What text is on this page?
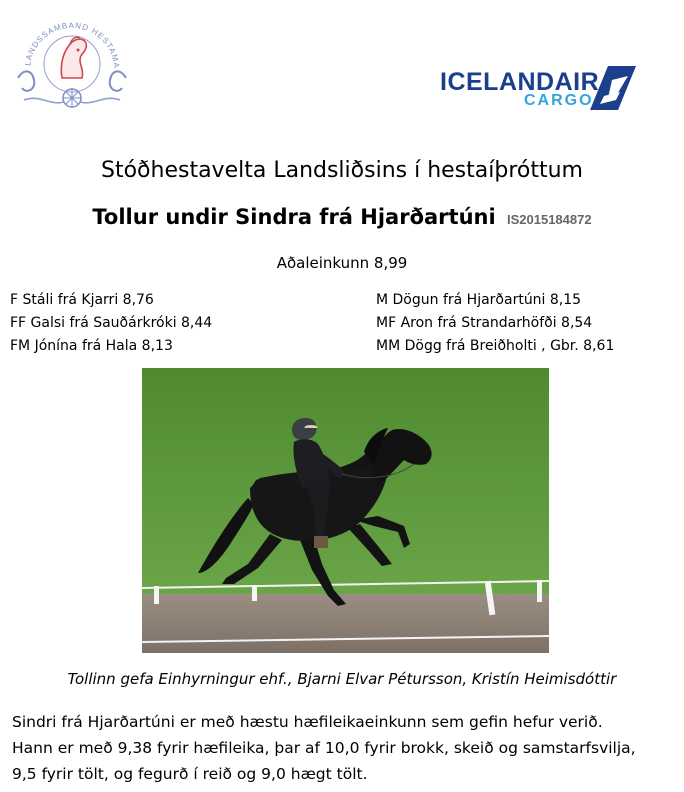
LANDSSAMBAND HESTAMA
ICELANDAIR
CARGO
Stóðhestavelta Landsliðsins í hestaíþróttum
Tollur undir Sindra frá Hjarðartúni IS2015184872
Aðaleinkunn 8,99
F Stáli frá Kjarri 8,76
FF Galsi frá Sauðárkróki 8,44
FM Jónína frá Hala 8,13
M Dögun frá Hjarðartúni 8,15
MF Aron frá Strandarhöfði 8,54
MM Dögg frá Breiðholti , Gbr. 8,61
Tollinn gefa Einhyrningur ehf., Bjarni Elvar Pétursson, Kristín Heimisdóttir
Sindri frá Hjarðartúni er með hæstu hæfileikaeinkunn sem gefin hefur verið.
Hann er með 9,38 fyrir hæfileika, þar af 10,0 fyrir brokk, skeið og samstarfsvilja,
9,5 fyrir tölt, og fegurð í reið og 9,0 hægt tölt.
